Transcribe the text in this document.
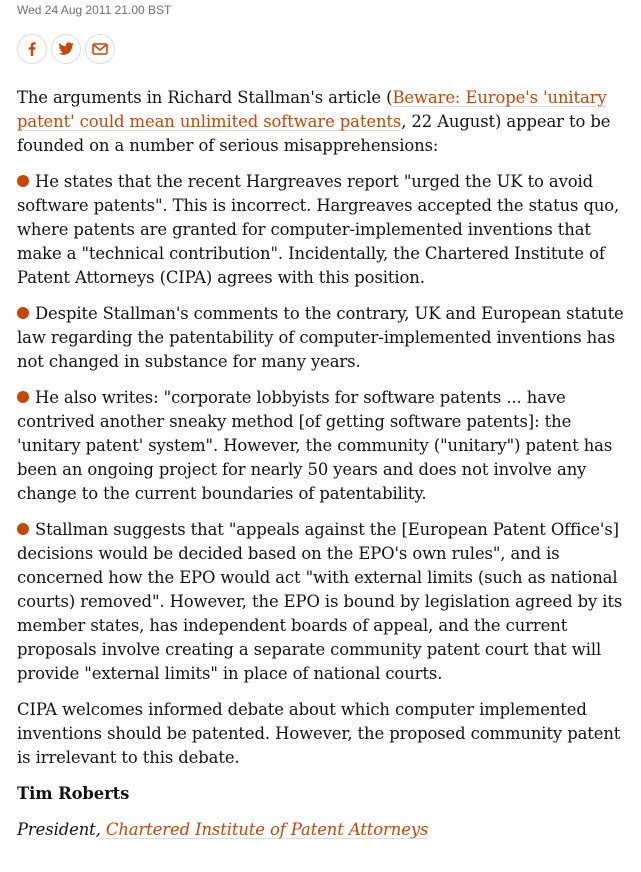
Wed 24 Aug 2011 21.00 BST

The arguments in Richard Stallman's article (Beware: Europe's 'unitary patent' could mean unlimited software patents, 22 August) appear to be founded on a number of serious misapprehensions:

He states that the recent Hargreaves report "urged the UK to avoid software patents". This is incorrect. Hargreaves accepted the status quo, where patents are granted for computer-implemented inventions that make a "technical contribution". Incidentally, the Chartered Institute of Patent Attorneys (CIPA) agrees with this position.

Despite Stallman's comments to the contrary, UK and European statute law regarding the patentability of computer-implemented inventions has not changed in substance for many years.

He also writes: "corporate lobbyists for software patents ... have contrived another sneaky method [of getting software patents]: the 'unitary patent' system". However, the community ("unitary") patent has been an ongoing project for nearly 50 years and does not involve any change to the current boundaries of patentability.

Stallman suggests that "appeals against the [European Patent Office's] decisions would be decided based on the EPO's own rules", and is concerned how the EPO would act "with external limits (such as national courts) removed". However, the EPO is bound by legislation agreed by its member states, has independent boards of appeal, and the current proposals involve creating a separate community patent court that will provide "external limits" in place of national courts.

CIPA welcomes informed debate about which computer implemented inventions should be patented. However, the proposed community patent is irrelevant to this debate.

Tim Roberts

President, Chartered Institute of Patent Attorneys
